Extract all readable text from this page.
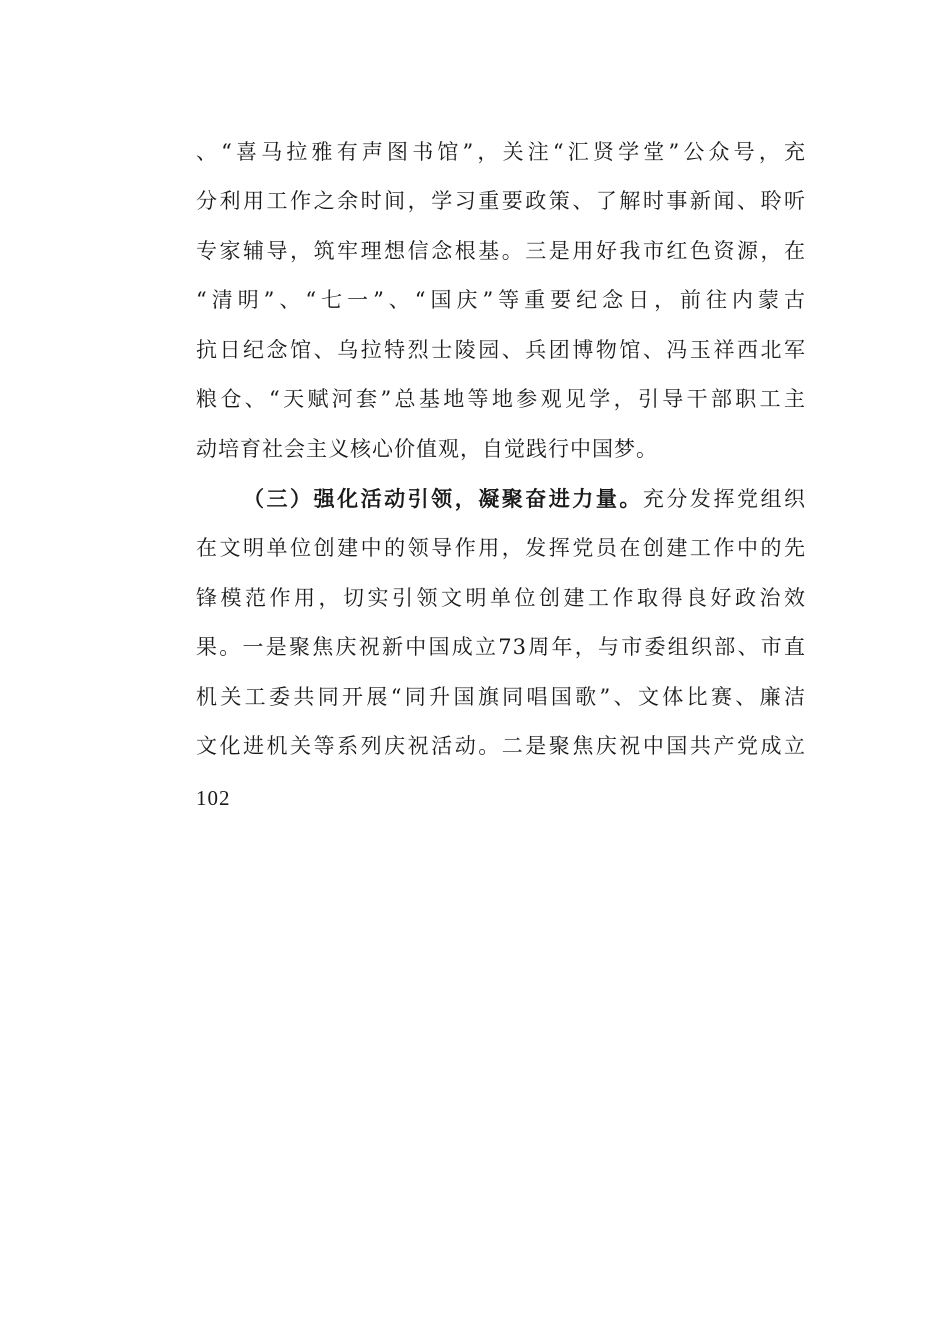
、“喜马拉雅有声图书馆”，关注“汇贤学堂”公众号，充
分利用工作之余时间，学习重要政策、了解时事新闻、聆听
专家辅导，筑牢理想信念根基。三是用好我市红色资源，在
“清明”、“七一”、“国庆”等重要纪念日，前往内蒙古
抗日纪念馆、乌拉特烈士陵园、兵团博物馆、冯玉祥西北军
粮仓、“天赋河套”总基地等地参观见学，引导干部职工主
动培育社会主义核心价值观，自觉践行中国梦。
（三）强化活动引领，凝聚奋进力量。充分发挥党组织
在文明单位创建中的领导作用，发挥党员在创建工作中的先
锋模范作用，切实引领文明单位创建工作取得良好政治效
果。一是聚焦庆祝新中国成立73周年，与市委组织部、市直
机关工委共同开展“同升国旗同唱国歌”、文体比赛、廉洁
文化进机关等系列庆祝活动。二是聚焦庆祝中国共产党成立
102
